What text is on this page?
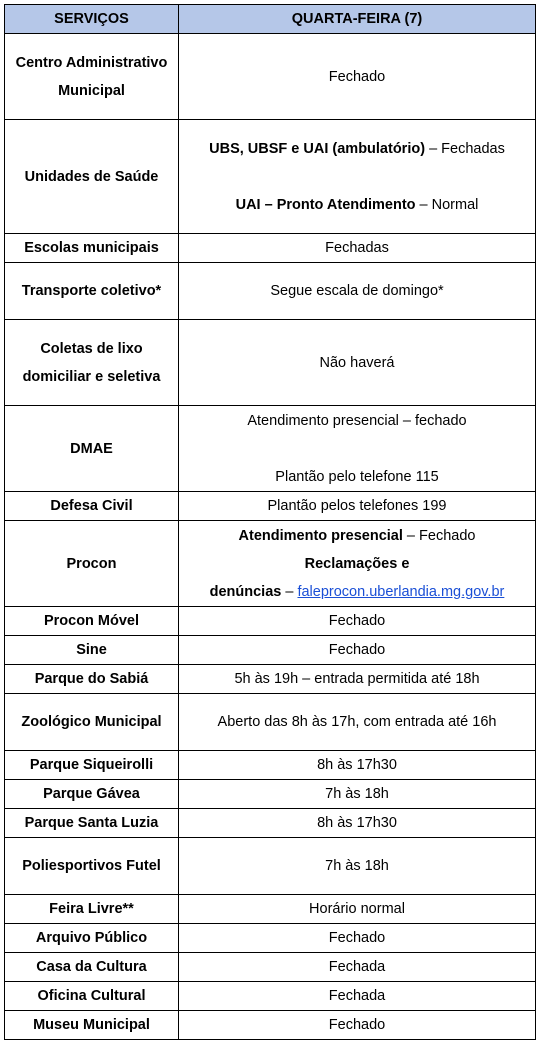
SERVIÇOS	QUARTA-FEIRA (7)
Centro Administrativo Municipal	Fechado
Unidades de Saúde	UBS, UBSF e UAI (ambulatório) – Fechadas
UAI – Pronto Atendimento – Normal

Escolas municipais	Fechadas
Transporte coletivo*	Segue escala de domingo*
Coletas de lixo domiciliar e seletiva	Não haverá
DMAE	Atendimento presencial – fechado
Plantão pelo telefone 115

Defesa Civil	Plantão pelos telefones 199
Procon	Atendimento presencial – Fechado
Reclamações e
denúncias – faleprocon.uberlandia.mg.gov.br

Procon Móvel	Fechado
Sine	Fechado
Parque do Sabiá	5h às 19h – entrada permitida até 18h
Zoológico Municipal	Aberto das 8h às 17h, com entrada até 16h
Parque Siqueirolli	8h às 17h30
Parque Gávea	7h às 18h
Parque Santa Luzia	8h às 17h30
Poliesportivos Futel	7h às 18h
Feira Livre**	Horário normal
Arquivo Público	Fechado
Casa da Cultura	Fechada
Oficina Cultural	Fechada
Museu Municipal	Fechado
